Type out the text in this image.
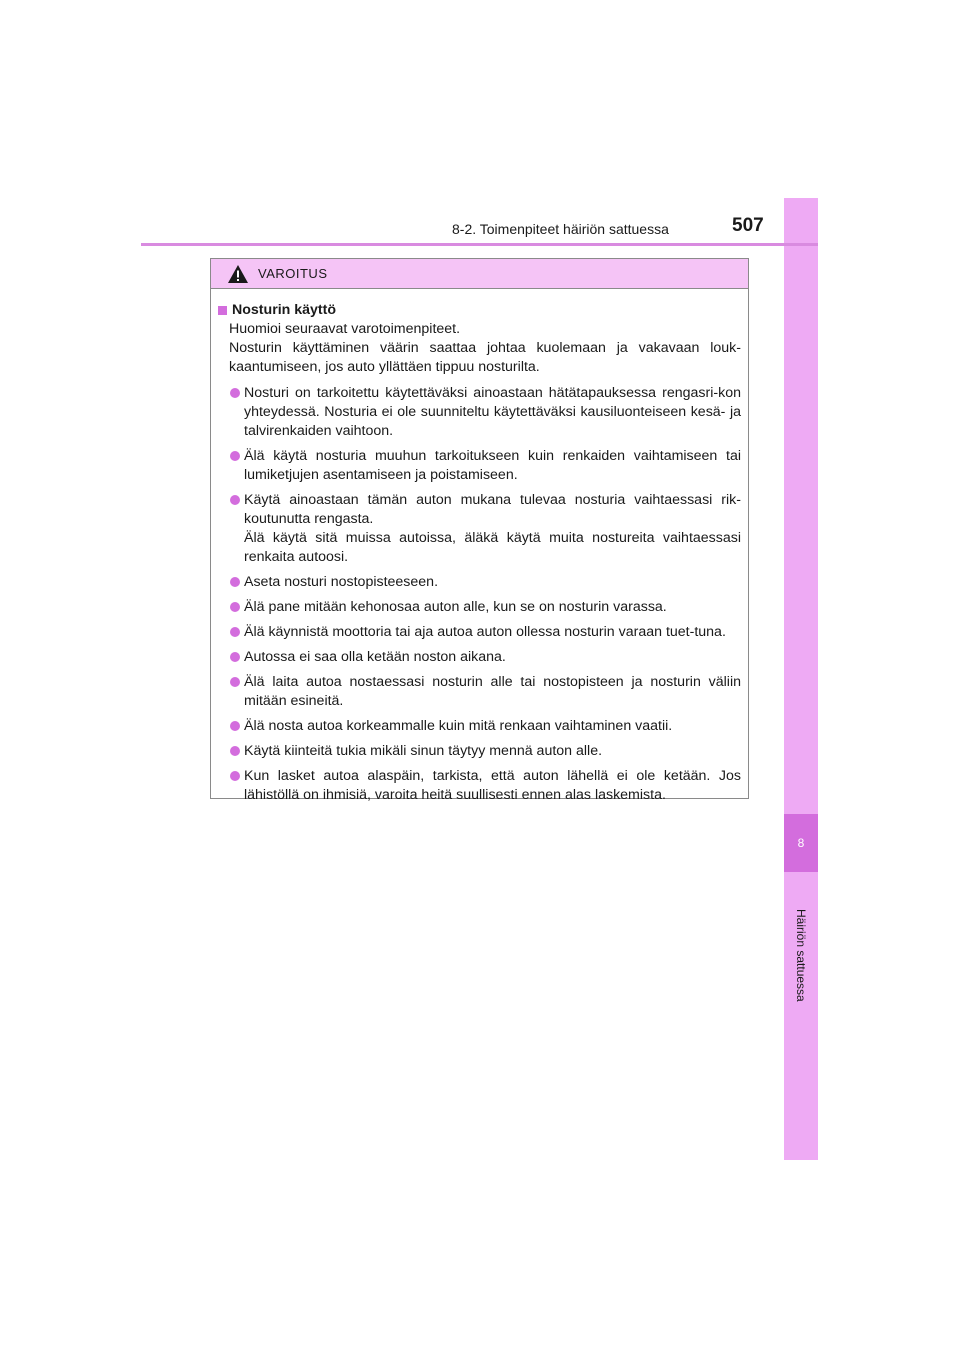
8
Häiriön sattuessa
8-2. Toimenpiteet häiriön sattuessa	507
VAROITUS
Nosturin käyttö
Huomioi seuraavat varotoimenpiteet.
Nosturin käyttäminen väärin saattaa johtaa kuolemaan ja vakavaan louk-kaantumiseen, jos auto yllättäen tippuu nosturilta.
Nosturi on tarkoitettu käytettäväksi ainoastaan hätätapauksessa rengasri-kon yhteydessä. Nosturia ei ole suunniteltu käytettäväksi kausiluonteiseen kesä- ja talvirenkaiden vaihtoon.
Älä käytä nosturia muuhun tarkoitukseen kuin renkaiden vaihtamiseen tai lumiketjujen asentamiseen ja poistamiseen.
Käytä ainoastaan tämän auton mukana tulevaa nosturia vaihtaessasi rik-koutunutta rengasta.
Älä käytä sitä muissa autoissa, äläkä käytä muita nostureita vaihtaessasi renkaita autoosi.
Aseta nosturi nostopisteeseen.
Älä pane mitään kehonosaa auton alle, kun se on nosturin varassa.
Älä käynnistä moottoria tai aja autoa auton ollessa nosturin varaan tuet-tuna.
Autossa ei saa olla ketään noston aikana.
Älä laita autoa nostaessasi nosturin alle tai nostopisteen ja nosturin väliin mitään esineitä.
Älä nosta autoa korkeammalle kuin mitä renkaan vaihtaminen vaatii.
Käytä kiinteitä tukia mikäli sinun täytyy mennä auton alle.
Kun lasket autoa alaspäin, tarkista, että auton lähellä ei ole ketään. Jos lähistöllä on ihmisiä, varoita heitä suullisesti ennen alas laskemista.
